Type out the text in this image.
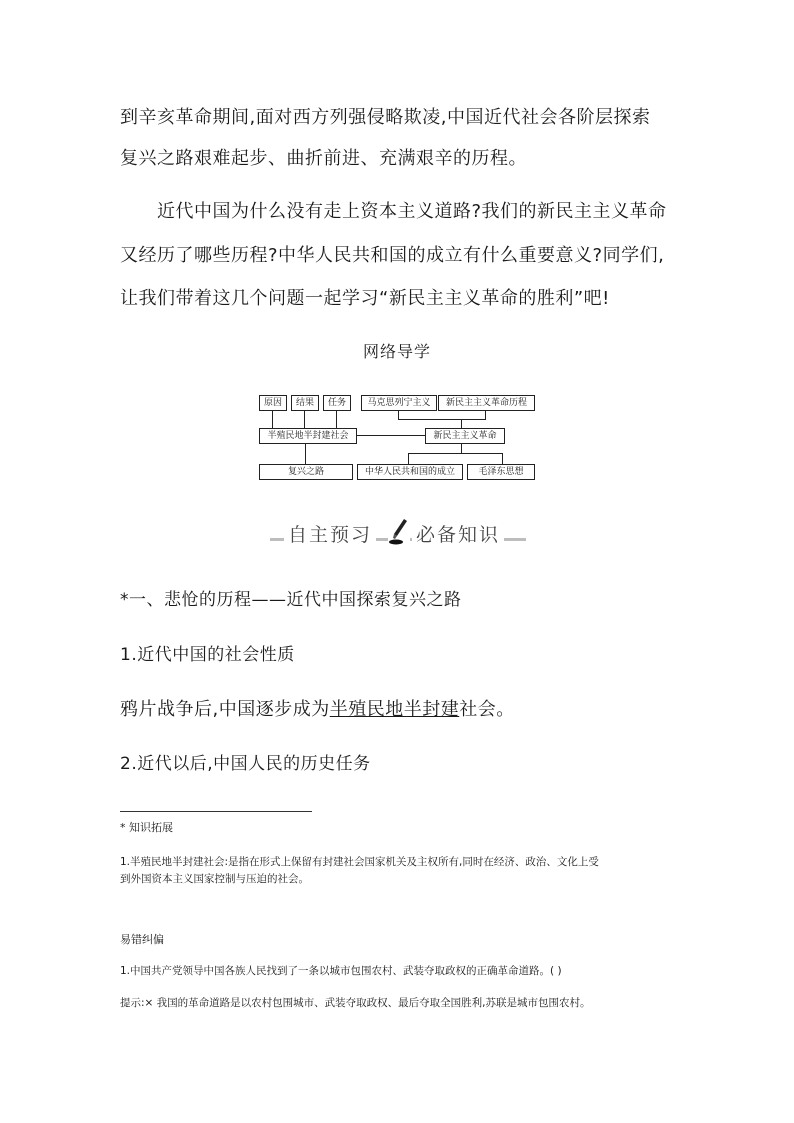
到辛亥革命期间,面对西方列强侵略欺凌,中国近代社会各阶层探索
复兴之路艰难起步、曲折前进、充满艰辛的历程。
近代中国为什么没有走上资本主义道路?我们的新民主主义革命
又经历了哪些历程?中华人民共和国的成立有什么重要意义?同学们,
让我们带着这几个问题一起学习“新民主主义革命的胜利”吧!
网络导学
原因	结果	任务	马克思列宁主义	新民主主义革命历程
半殖民地半封建社会	新民主主义革命
复兴之路	中华人民共和国的成立	毛泽东思想
自主预习 必备知识
*一、悲怆的历程——近代中国探索复兴之路
1.近代中国的社会性质
鸦片战争后,中国逐步成为半殖民地半封建社会。
2.近代以后,中国人民的历史任务
* 知识拓展
1.半殖民地半封建社会:是指在形式上保留有封建社会国家机关及主权所有,同时在经济、政治、文化上受
到外国资本主义国家控制与压迫的社会。
易错纠偏
1.中国共产党领导中国各族人民找到了一条以城市包围农村、武装夺取政权的正确革命道路。( )
提示:× 我国的革命道路是以农村包围城市、武装夺取政权、最后夺取全国胜利,苏联是城市包围农村。
